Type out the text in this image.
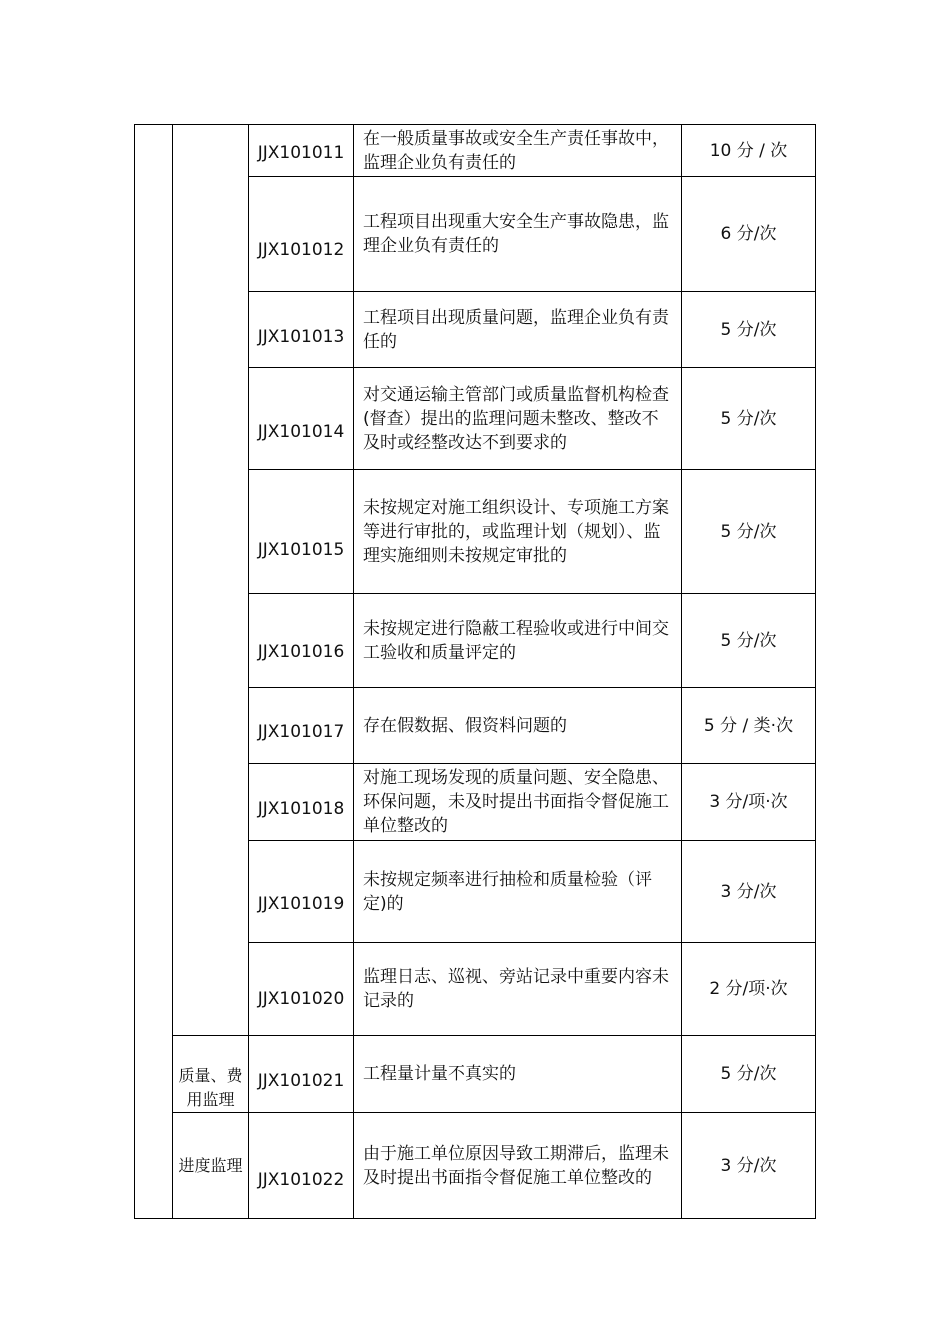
		JJX101011	在一般质量事故或安全生产责任事故中，监理企业负有责任的	10 分 / 次

		JJX101012	工程项目出现重大安全生产事故隐患，监理企业负有责任的	6 分/次

		JJX101013	工程项目出现质量问题，监理企业负有责任的	5 分/次

		JJX101014	对交通运输主管部门或质量监督机构检查(督查）提出的监理问题未整改、整改不及时或经整改达不到要求的	5 分/次

		JJX101015	未按规定对施工组织设计、专项施工方案等进行审批的，或监理计划（规划）、监理实施细则未按规定审批的	5 分/次

		JJX101016	未按规定进行隐蔽工程验收或进行中间交工验收和质量评定的	5 分/次

		JJX101017	存在假数据、假资料问题的	5 分 / 类·次

		JJX101018	对施工现场发现的质量问题、安全隐患、环保问题，未及时提出书面指令督促施工单位整改的	3 分/项·次

		JJX101019	未按规定频率进行抽检和质量检验（评定)的	3 分/次

		JJX101020	监理日志、巡视、旁站记录中重要内容未记录的	2 分/项·次

	质量、费用监理	JJX101021	工程量计量不真实的	5 分/次

	进度监理	JJX101022	由于施工单位原因导致工期滞后，监理未及时提出书面指令督促施工单位整改的	3 分/次
